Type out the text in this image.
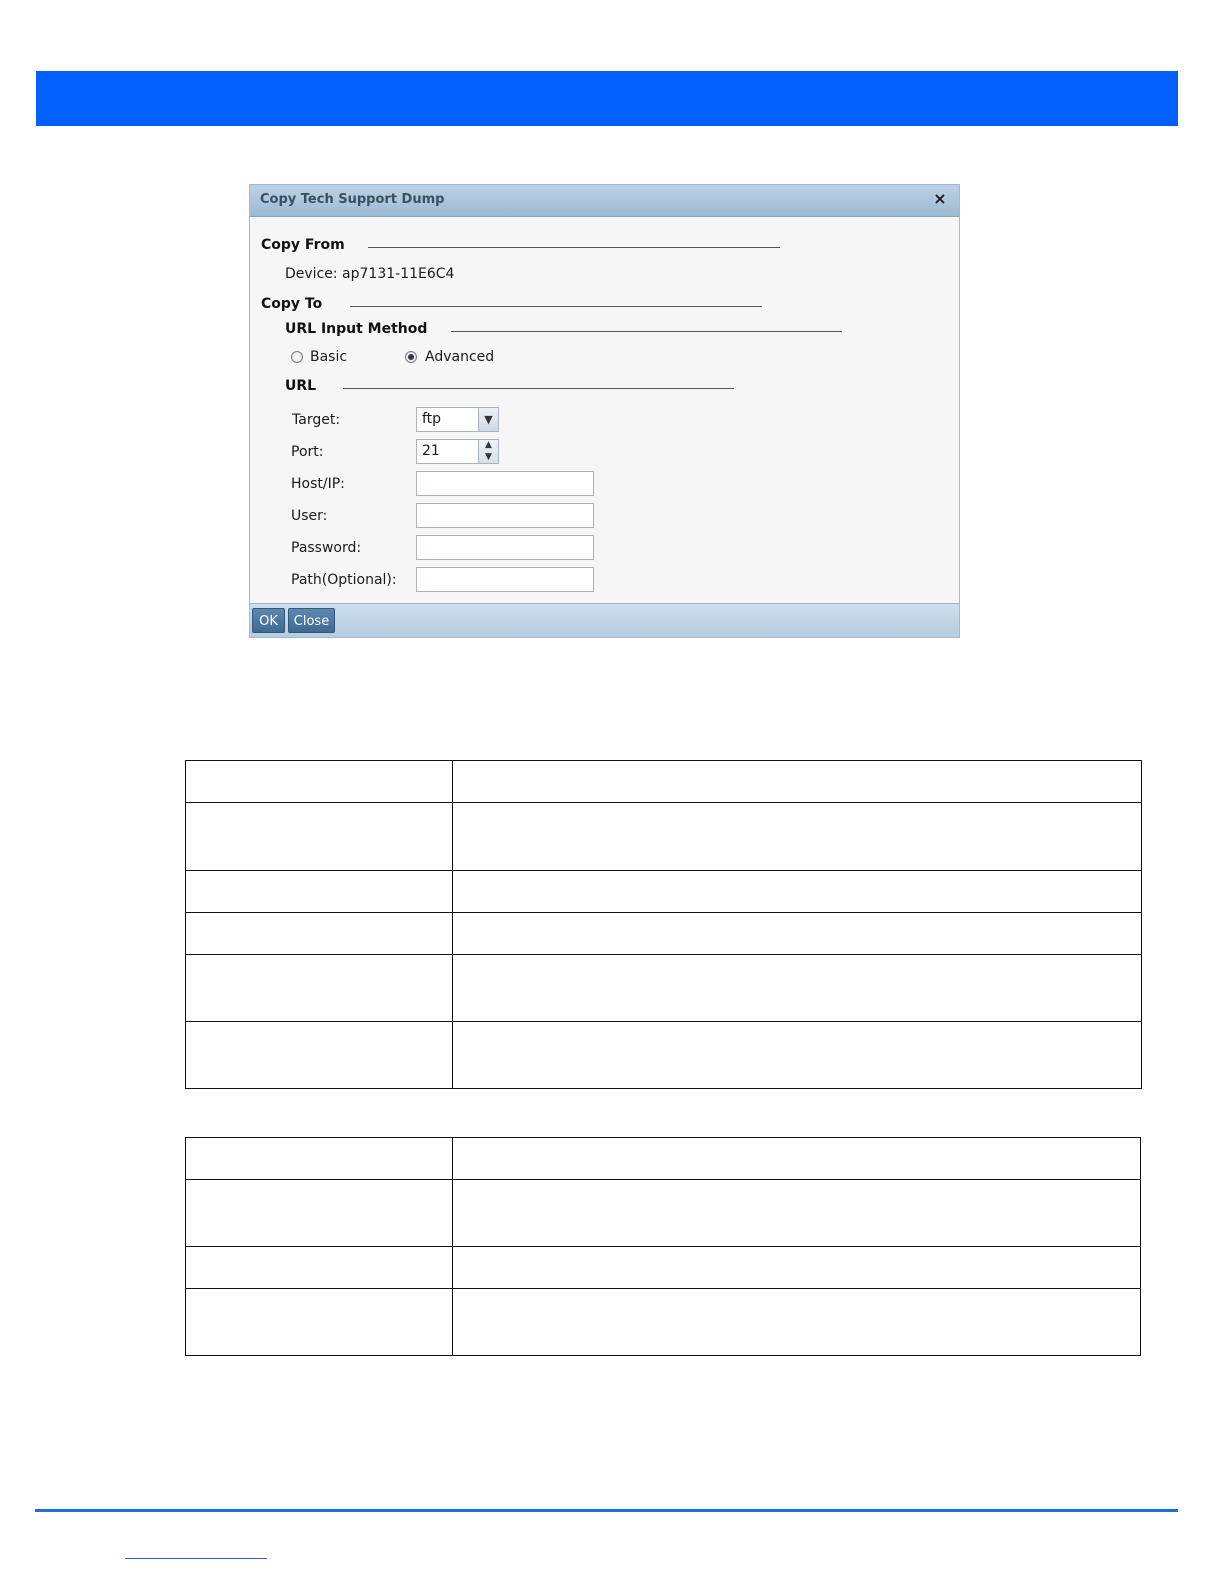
Copy Tech Support Dump	×
Copy From
Device: ap7131-11E6C4
Copy To
URL Input Method
Basic	Advanced
URL
Target:	ftp	▼
Port:	21	▲
▼
Host/IP:
User:
Password:
Path(Optional):
OK	Close
